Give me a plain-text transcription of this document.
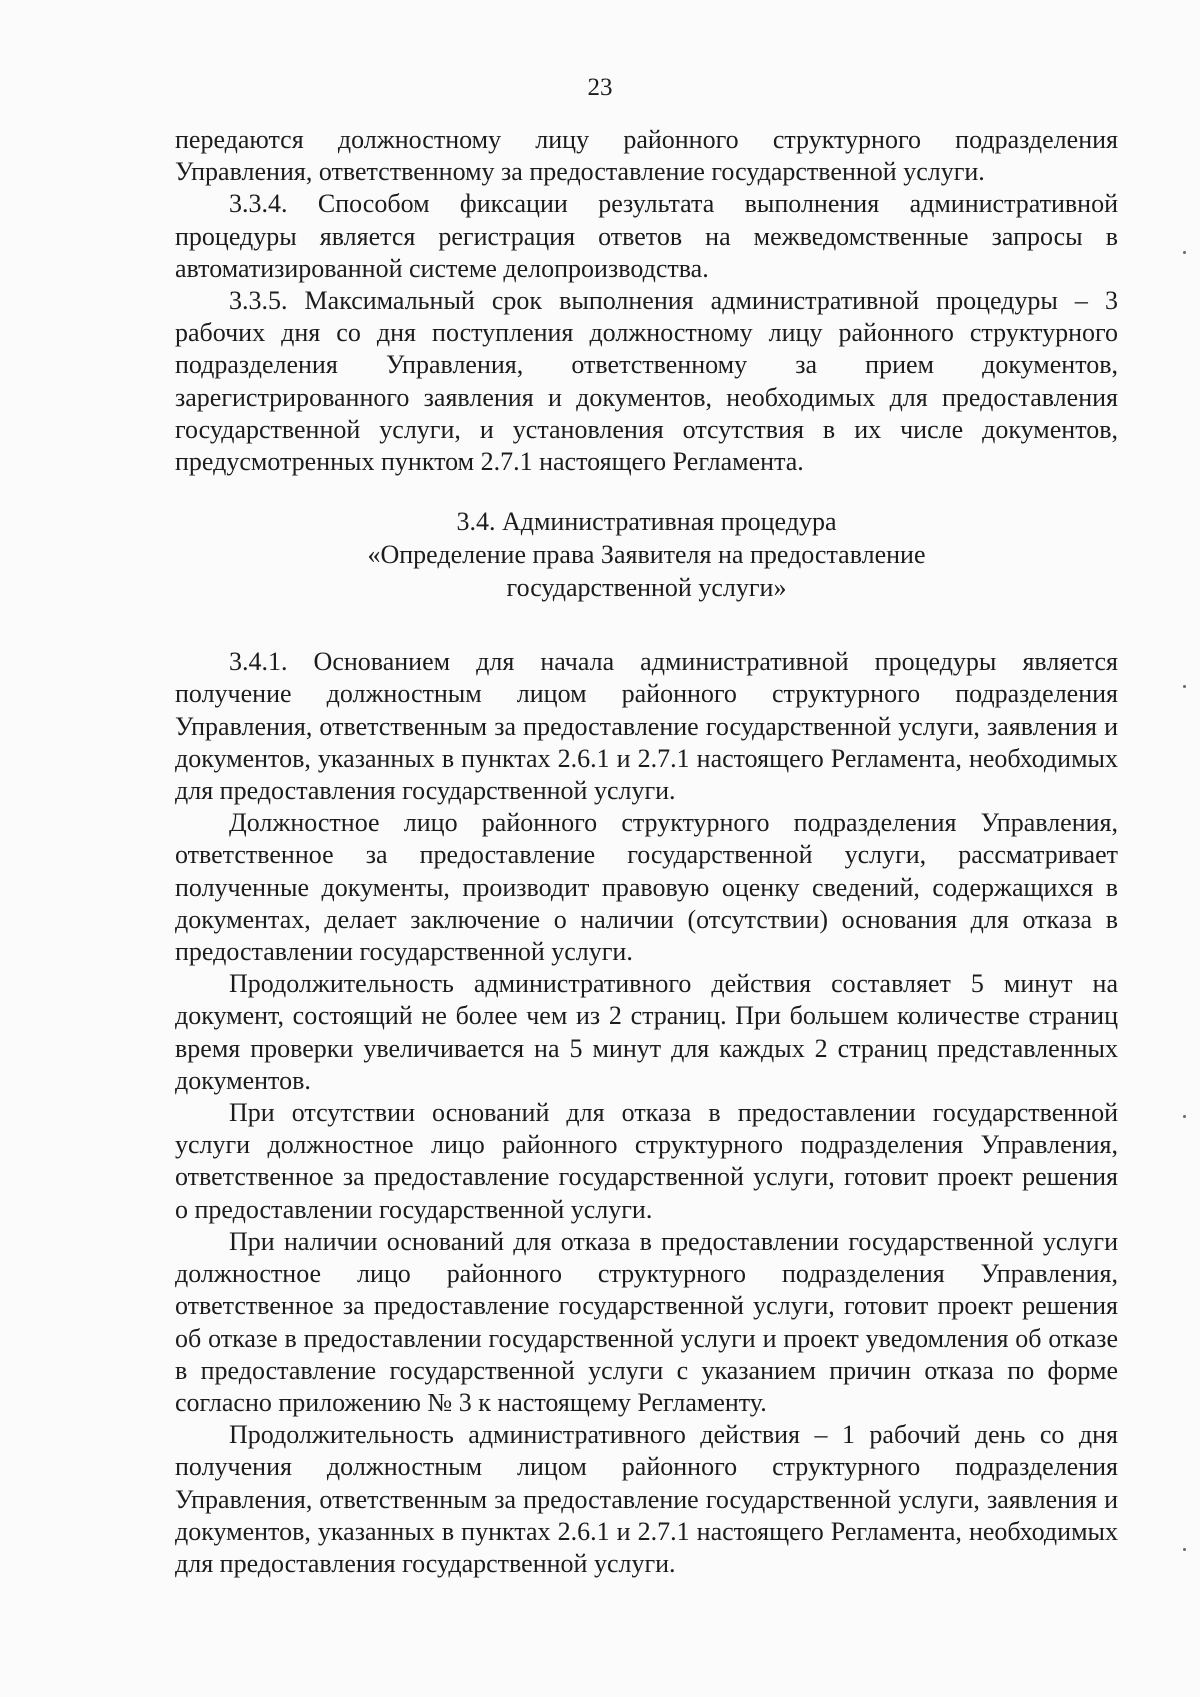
23

передаются должностному лицу районного структурного подразделения Управления, ответственному за предоставление государственной услуги.

3.3.4. Способом фиксации результата выполнения административной процедуры является регистрация ответов на межведомственные запросы в автоматизированной системе делопроизводства.

3.3.5. Максимальный срок выполнения административной процедуры – 3 рабочих дня со дня поступления должностному лицу районного структурного подразделения Управления, ответственному за прием документов, зарегистрированного заявления и документов, необходимых для предоставления государственной услуги, и установления отсутствия в их числе документов, предусмотренных пунктом 2.7.1 настоящего Регламента.

3.4. Административная процедура
«Определение права Заявителя на предоставление
государственной услуги»

3.4.1. Основанием для начала административной процедуры является получение должностным лицом районного структурного подразделения Управления, ответственным за предоставление государственной услуги, заявления и документов, указанных в пунктах 2.6.1 и 2.7.1 настоящего Регламента, необходимых для предоставления государственной услуги.

Должностное лицо районного структурного подразделения Управления, ответственное за предоставление государственной услуги, рассматривает полученные документы, производит правовую оценку сведений, содержащихся в документах, делает заключение о наличии (отсутствии) основания для отказа в предоставлении государственной услуги.

Продолжительность административного действия составляет 5 минут на документ, состоящий не более чем из 2 страниц. При большем количестве страниц время проверки увеличивается на 5 минут для каждых 2 страниц представленных документов.

При отсутствии оснований для отказа в предоставлении государственной услуги должностное лицо районного структурного подразделения Управления, ответственное за предоставление государственной услуги, готовит проект решения о предоставлении государственной услуги.

При наличии оснований для отказа в предоставлении государственной услуги должностное лицо районного структурного подразделения Управления, ответственное за предоставление государственной услуги, готовит проект решения об отказе в предоставлении государственной услуги и проект уведомления об отказе в предоставление государственной услуги с указанием причин отказа по форме согласно приложению № 3 к настоящему Регламенту.

Продолжительность административного действия – 1 рабочий день со дня получения должностным лицом районного структурного подразделения Управления, ответственным за предоставление государственной услуги, заявления и документов, указанных в пунктах 2.6.1 и 2.7.1 настоящего Регламента, необходимых для предоставления государственной услуги.
